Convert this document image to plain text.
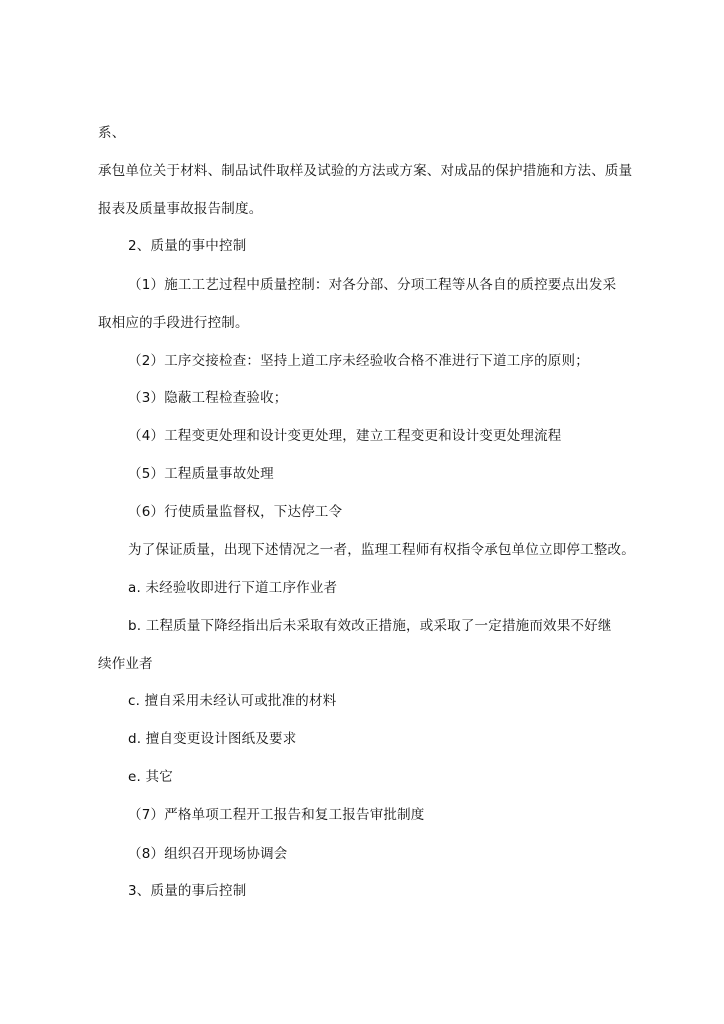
系、
承包单位关于材料、制品试件取样及试验的方法或方案、对成品的保护措施和方法、质量
报表及质量事故报告制度。
2、质量的事中控制
（1）施工工艺过程中质量控制：对各分部、分项工程等从各自的质控要点出发采
取相应的手段进行控制。
（2）工序交接检查：坚持上道工序未经验收合格不准进行下道工序的原则；
（3）隐蔽工程检查验收；
（4）工程变更处理和设计变更处理，建立工程变更和设计变更处理流程
（5）工程质量事故处理
（6）行使质量监督权，下达停工令
为了保证质量，出现下述情况之一者，监理工程师有权指令承包单位立即停工整改。
a. 未经验收即进行下道工序作业者
b. 工程质量下降经指出后未采取有效改正措施，或采取了一定措施而效果不好继
续作业者
c. 擅自采用未经认可或批准的材料
d. 擅自变更设计图纸及要求
e. 其它
（7）严格单项工程开工报告和复工报告审批制度
（8）组织召开现场协调会
3、质量的事后控制
